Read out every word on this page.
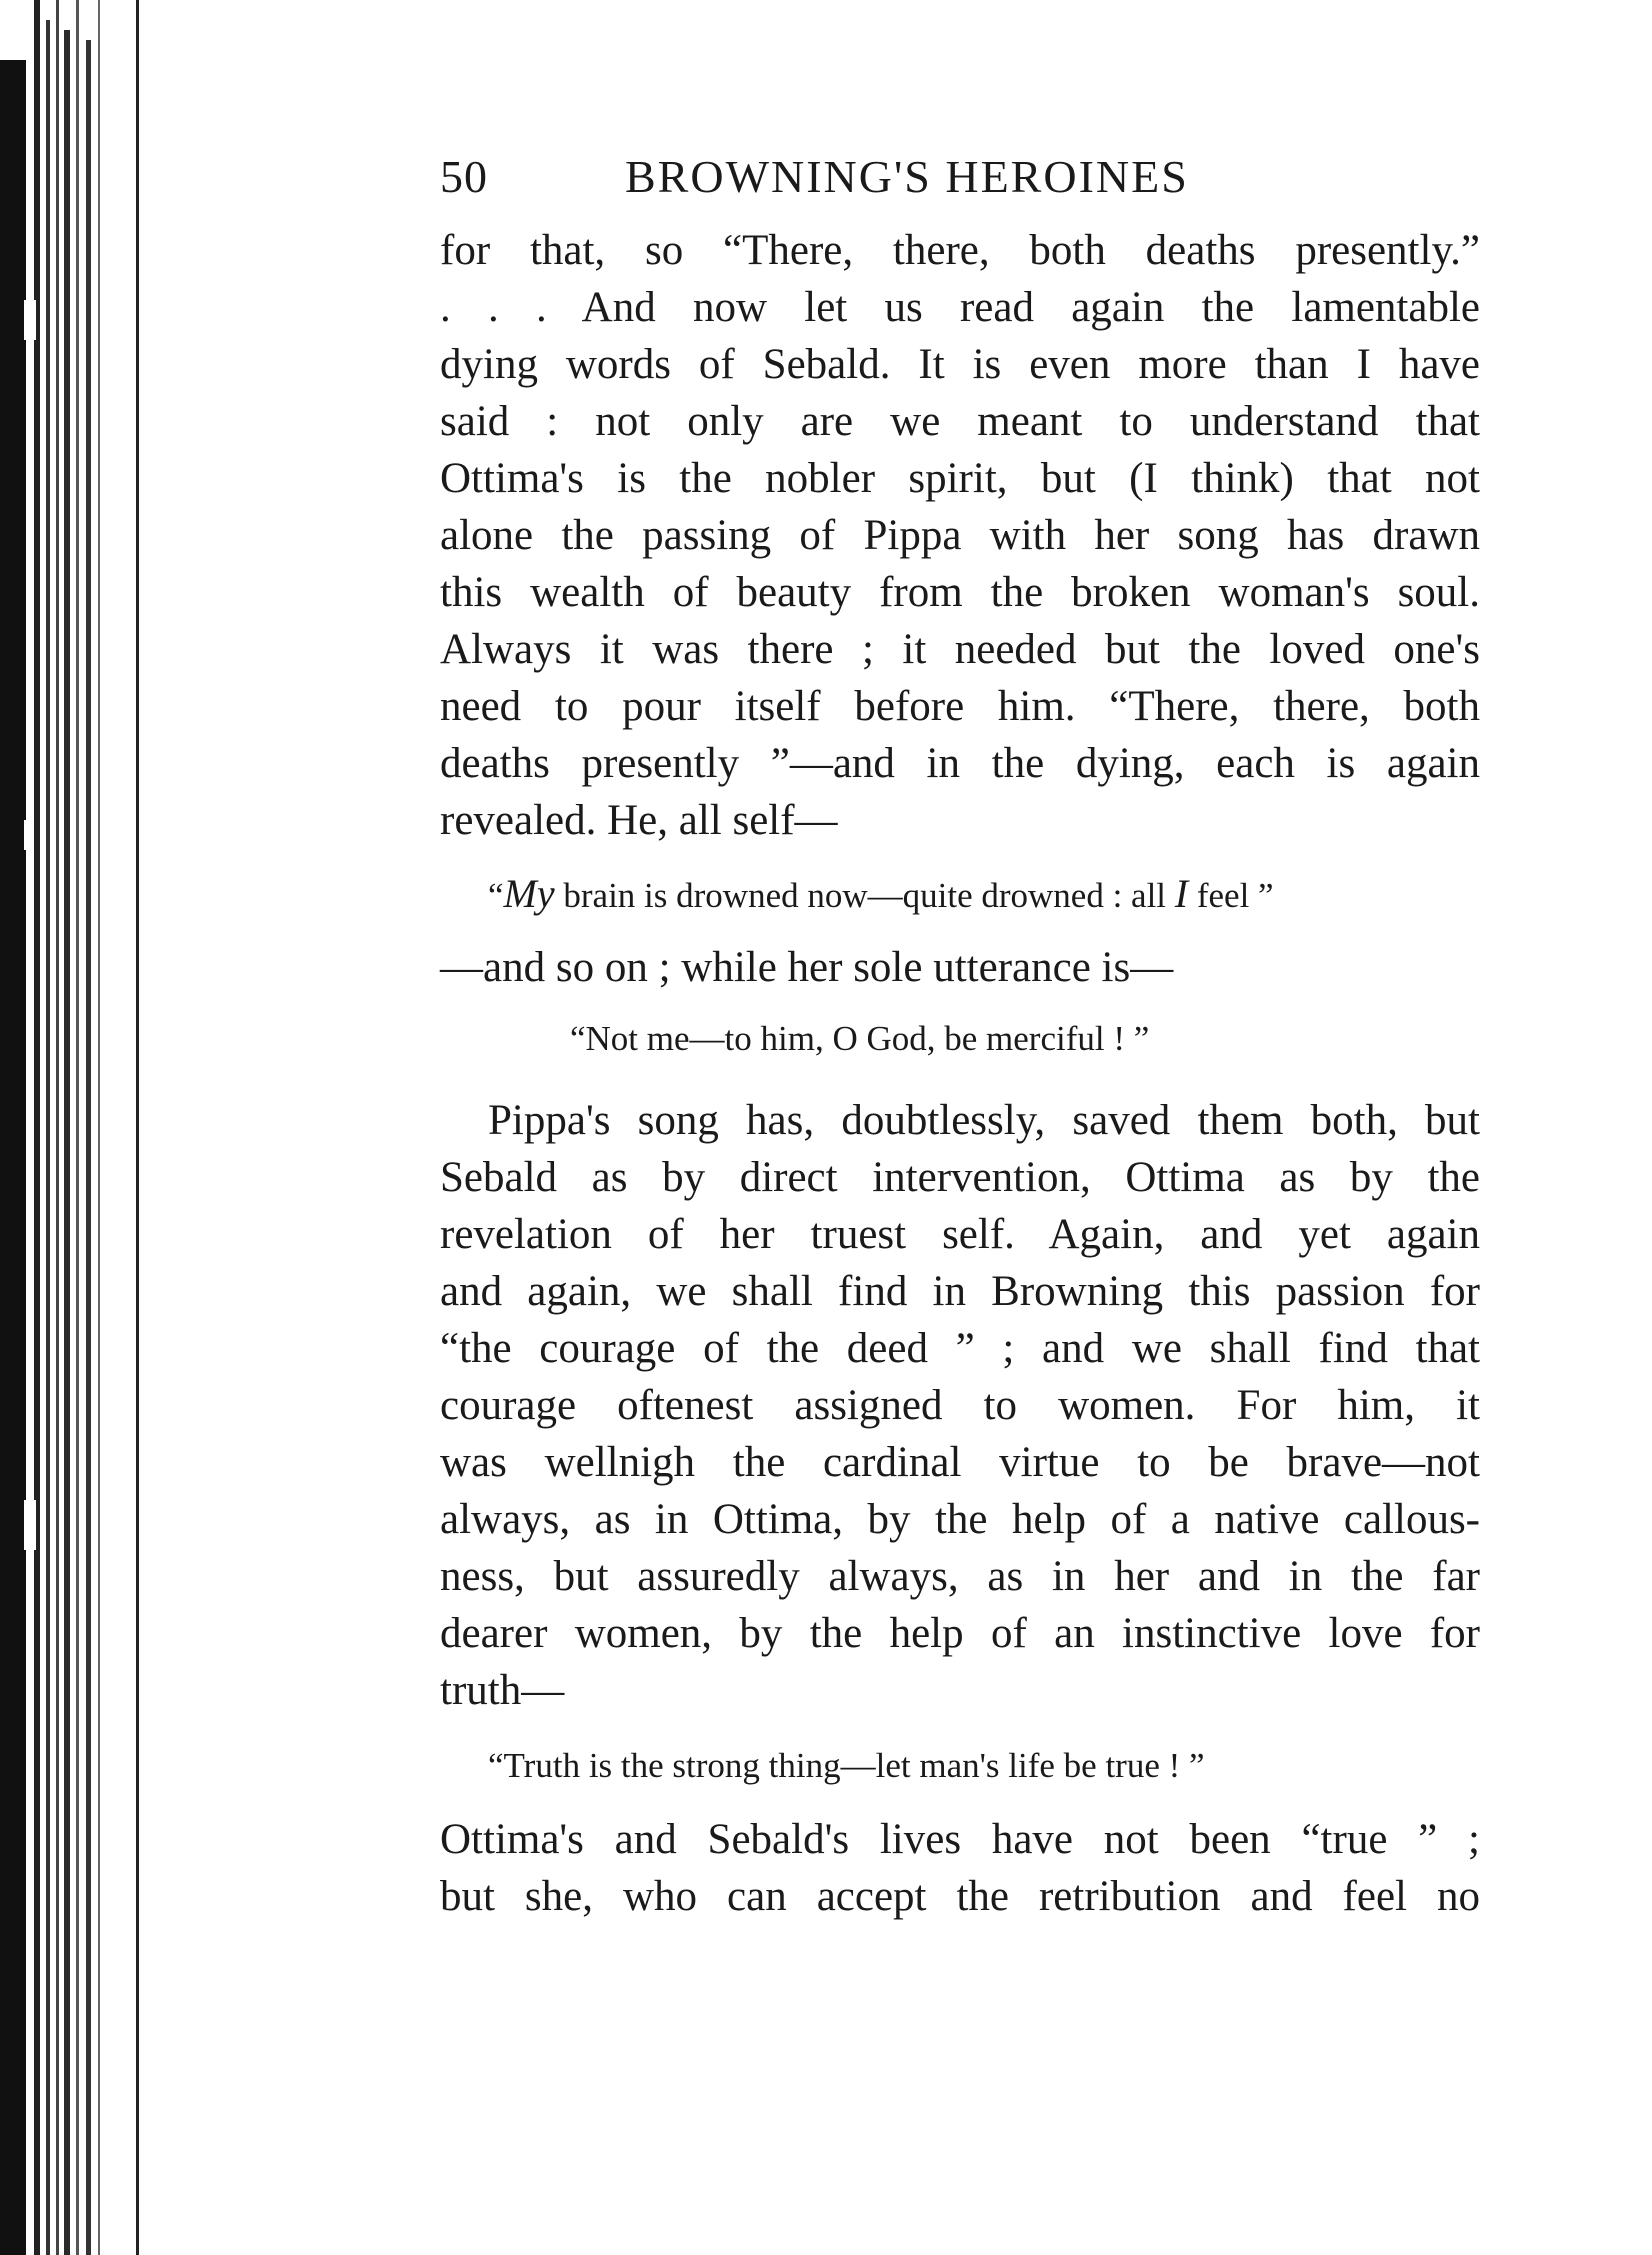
50	BROWNING'S HEROINES

for that, so “There, there, both deaths presently.”
. . . And now let us read again the lamentable
dying words of Sebald. It is even more than I have
said : not only are we meant to understand that
Ottima's is the nobler spirit, but (I think) that not
alone the passing of Pippa with her song has drawn
this wealth of beauty from the broken woman's soul.
Always it was there ; it needed but the loved one's
need to pour itself before him. “There, there, both
deaths presently ”—and in the dying, each is again
revealed. He, all self—

“My brain is drowned now—quite drowned : all I feel ”

—and so on ; while her sole utterance is—

“Not me—to him, O God, be merciful ! ”

Pippa's song has, doubtlessly, saved them both, but
Sebald as by direct intervention, Ottima as by the
revelation of her truest self. Again, and yet again
and again, we shall find in Browning this passion for
“the courage of the deed ” ; and we shall find that
courage oftenest assigned to women. For him, it
was wellnigh the cardinal virtue to be brave—not
always, as in Ottima, by the help of a native callous-
ness, but assuredly always, as in her and in the far
dearer women, by the help of an instinctive love for
truth—

“Truth is the strong thing—let man's life be true ! ”

Ottima's and Sebald's lives have not been “true ” ;
but she, who can accept the retribution and feel no
